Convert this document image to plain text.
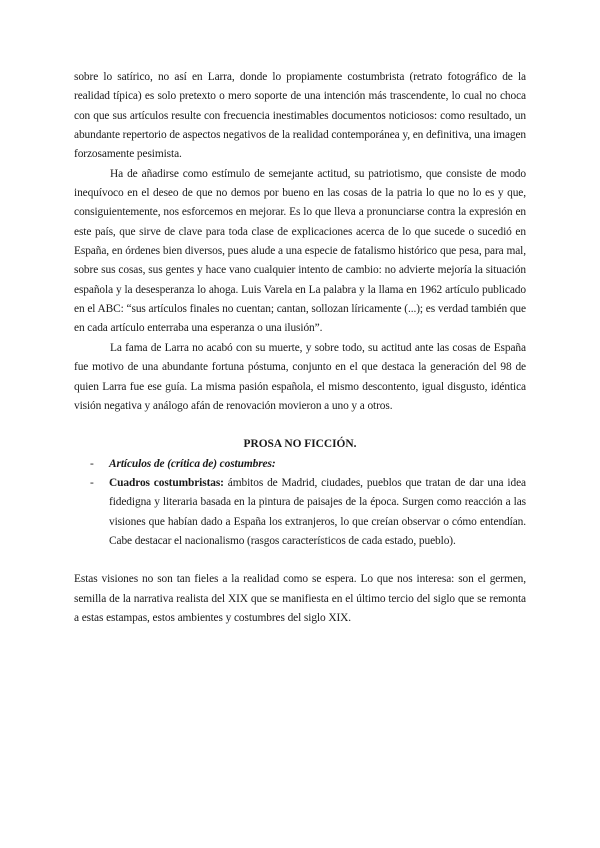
sobre lo satírico, no así en Larra, donde lo propiamente costumbrista (retrato fotográfico de la realidad típica) es solo pretexto o mero soporte de una intención más trascendente, lo cual no choca con que sus artículos resulte con frecuencia inestimables documentos noticiosos: como resultado, un abundante repertorio de aspectos negativos de la realidad contemporánea y, en definitiva, una imagen forzosamente pesimista.

Ha de añadirse como estímulo de semejante actitud, su patriotismo, que consiste de modo inequívoco en el deseo de que no demos por bueno en las cosas de la patria lo que no lo es y que, consiguientemente, nos esforcemos en mejorar. Es lo que lleva a pronunciarse contra la expresión en este país, que sirve de clave para toda clase de explicaciones acerca de lo que sucede o sucedió en España, en órdenes bien diversos, pues alude a una especie de fatalismo histórico que pesa, para mal, sobre sus cosas, sus gentes y hace vano cualquier intento de cambio: no advierte mejoría la situación española y la desesperanza lo ahoga. Luis Varela en La palabra y la llama en 1962 artículo publicado en el ABC: “sus artículos finales no cuentan; cantan, sollozan líricamente (...); es verdad también que en cada artículo enterraba una esperanza o una ilusión”.

La fama de Larra no acabó con su muerte, y sobre todo, su actitud ante las cosas de España fue motivo de una abundante fortuna póstuma, conjunto en el que destaca la generación del 98 de quien Larra fue ese guía. La misma pasión española, el mismo descontento, igual disgusto, idéntica visión negativa y análogo afán de renovación movieron a uno y a otros.

PROSA NO FICCIÓN.

- Artículos de (crítica de) costumbres:
- Cuadros costumbristas: ámbitos de Madrid, ciudades, pueblos que tratan de dar una idea fidedigna y literaria basada en la pintura de paisajes de la época. Surgen como reacción a las visiones que habían dado a España los extranjeros, lo que creían observar o cómo entendían. Cabe destacar el nacionalismo (rasgos característicos de cada estado, pueblo).

Estas visiones no son tan fieles a la realidad como se espera. Lo que nos interesa: son el germen, semilla de la narrativa realista del XIX que se manifiesta en el último tercio del siglo que se remonta a estas estampas, estos ambientes y costumbres del siglo XIX.
